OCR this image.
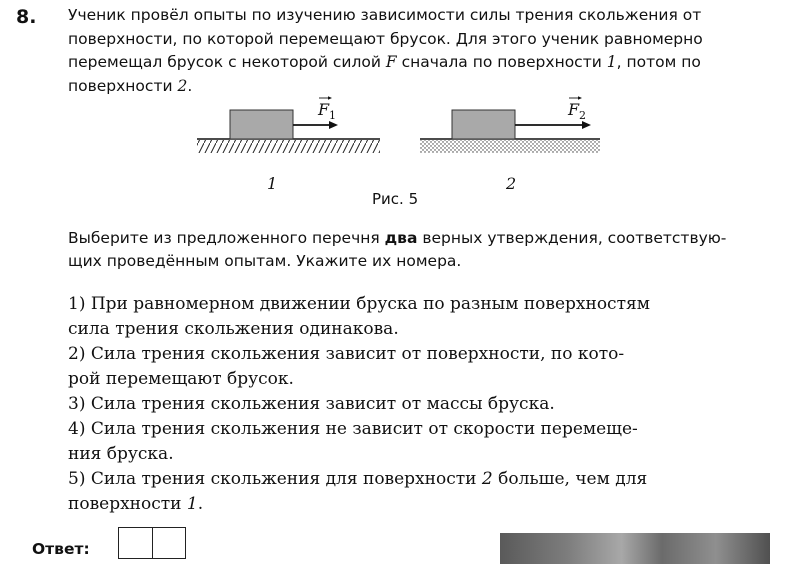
8. Ученик провёл опыты по изучению зависимости силы трения скольжения от
поверхности, по которой перемещают брусок. Для этого ученик равномерно
перемещал брусок с некоторой силой F сначала по поверхности 1, потом по
поверхности 2.
F 1	F 2
1	2
Рис. 5
Выберите из предложенного перечня два верных утверждения, соответствую-
щих проведённым опытам. Укажите их номера.
1) При равномерном движении бруска по разным поверхностям
сила трения скольжения одинакова.
2) Сила трения скольжения зависит от поверхности, по кото-
рой перемещают брусок.
3) Сила трения скольжения зависит от массы бруска.
4) Сила трения скольжения не зависит от скорости перемеще-
ния бруска.
5) Сила трения скольжения для поверхности 2 больше, чем для
поверхности 1.
Ответ:
